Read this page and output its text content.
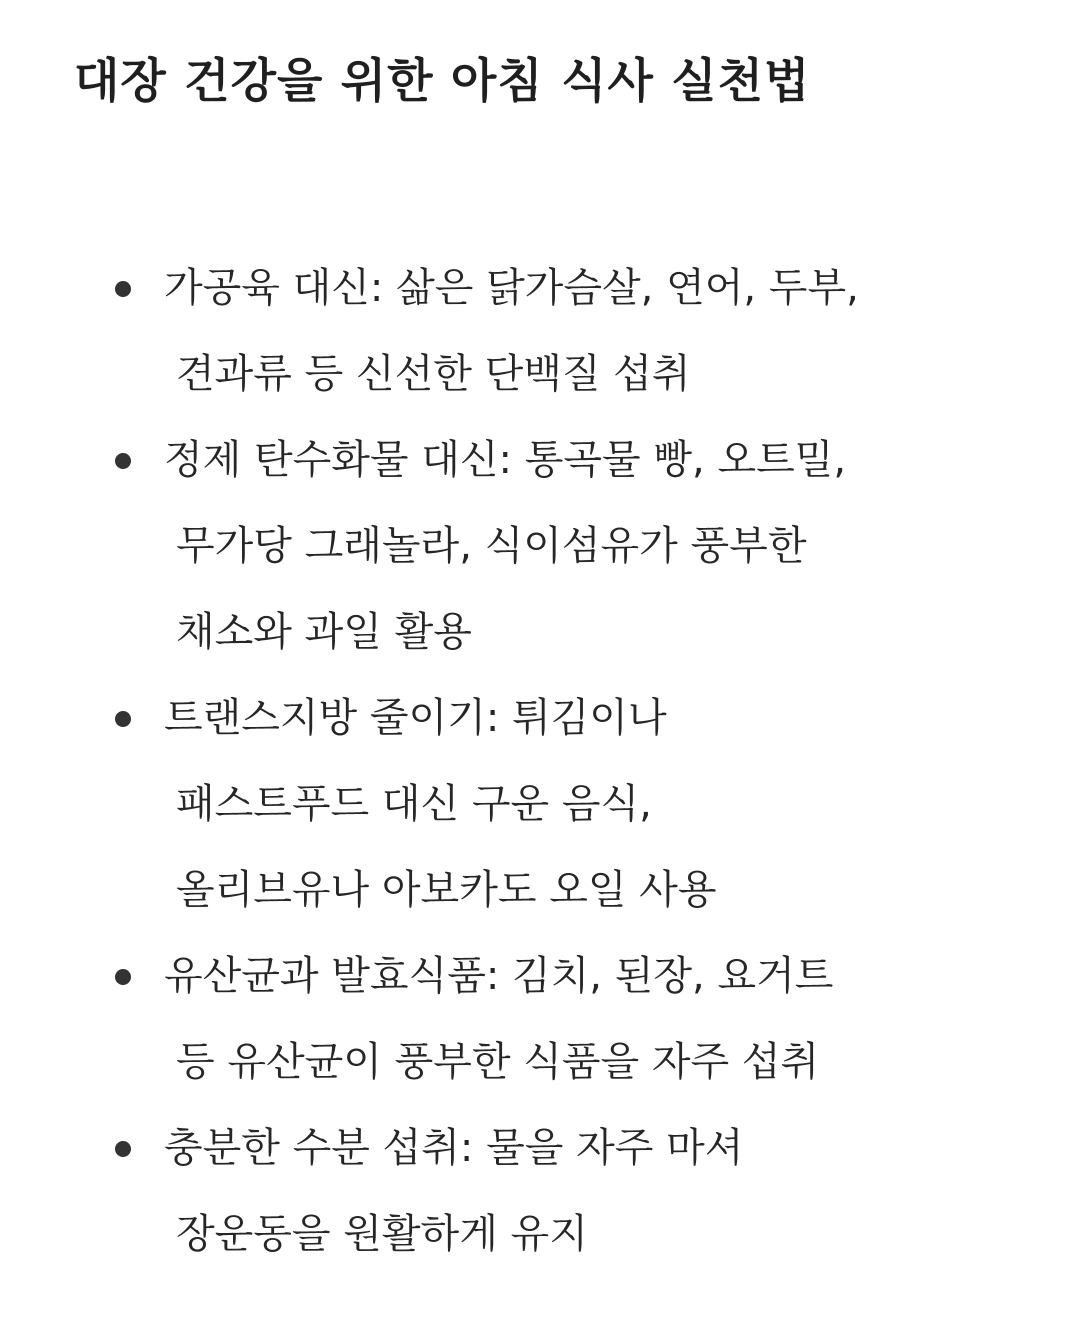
대장 건강을 위한 아침 식사 실천법
가공육 대신: 삶은 닭가슴살, 연어, 두부,
견과류 등 신선한 단백질 섭취
정제 탄수화물 대신: 통곡물 빵, 오트밀,
무가당 그래놀라, 식이섬유가 풍부한
채소와 과일 활용
트랜스지방 줄이기: 튀김이나
패스트푸드 대신 구운 음식,
올리브유나 아보카도 오일 사용
유산균과 발효식품: 김치, 된장, 요거트
등 유산균이 풍부한 식품을 자주 섭취
충분한 수분 섭취: 물을 자주 마셔
장운동을 원활하게 유지
